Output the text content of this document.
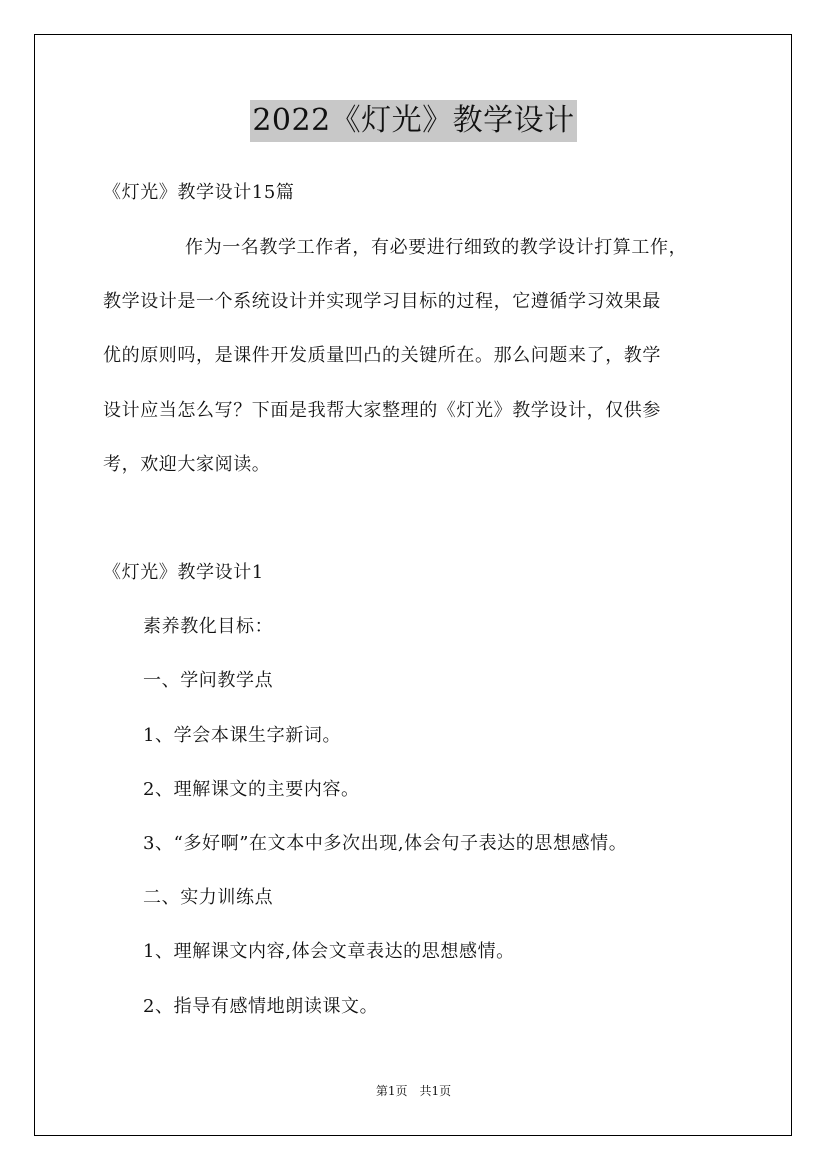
2022《灯光》教学设计
《灯光》教学设计15篇
作为一名教学工作者，有必要进行细致的教学设计打算工作，
教学设计是一个系统设计并实现学习目标的过程，它遵循学习效果最
优的原则吗，是课件开发质量凹凸的关键所在。那么问题来了，教学
设计应当怎么写？下面是我帮大家整理的《灯光》教学设计，仅供参
考，欢迎大家阅读。
《灯光》教学设计1
素养教化目标：
一、学问教学点
1、学会本课生字新词。
2、理解课文的主要内容。
3、“多好啊”在文本中多次出现,体会句子表达的思想感情。
二、实力训练点
1、理解课文内容,体会文章表达的思想感情。
2、指导有感情地朗读课文。
第1页　共1页
